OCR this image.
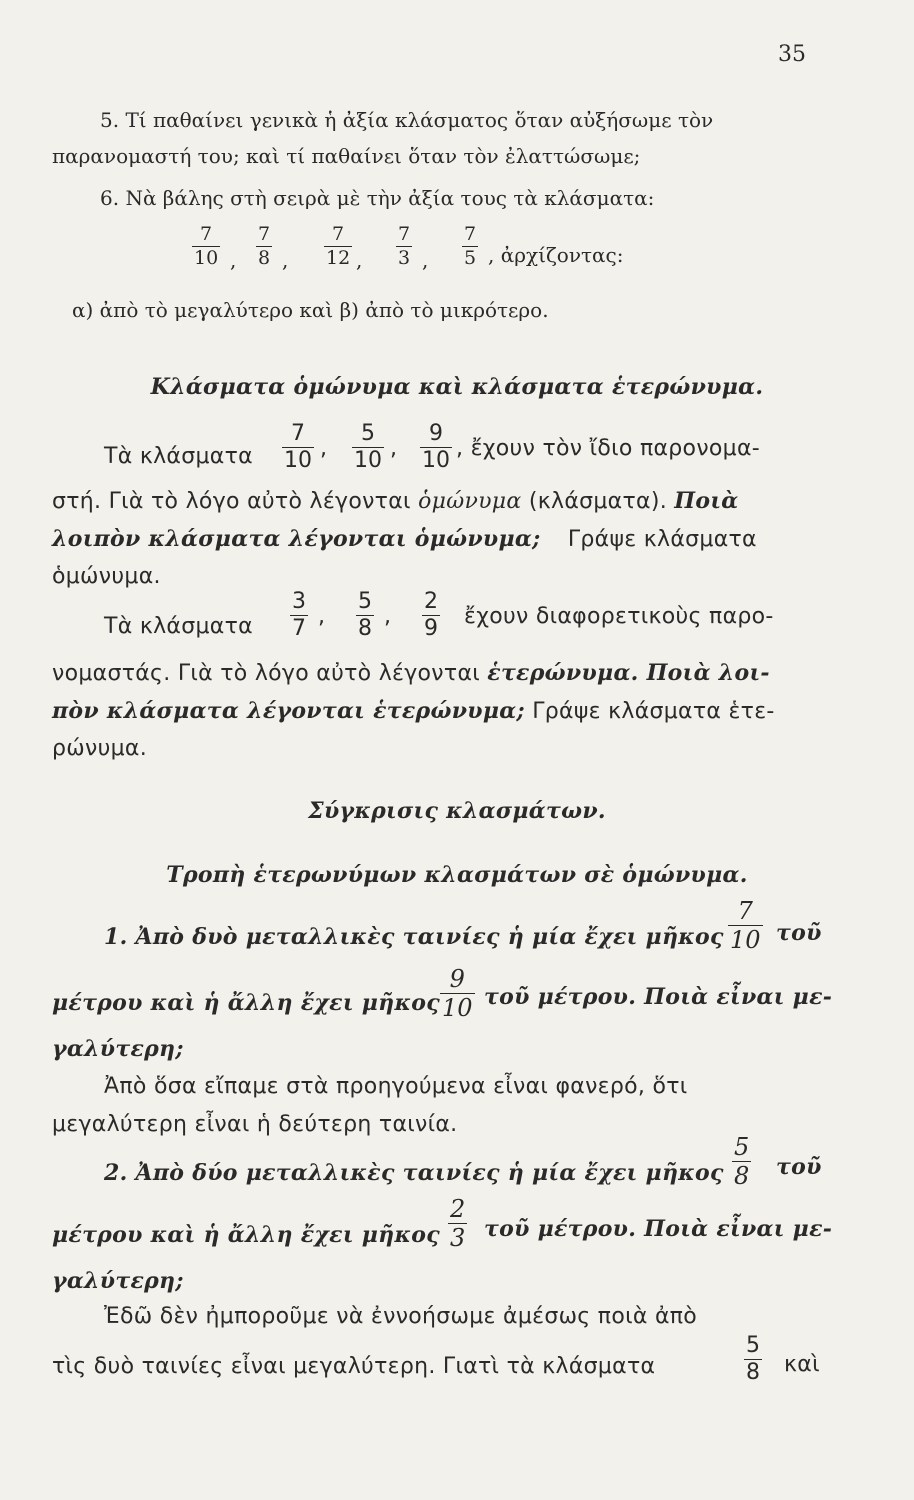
35
5. Τί παθαίνει γενικὰ ἡ ἀξία κλάσματος ὅταν αὐξήσωμε τὸν
παρανομαστή του; καὶ τί παθαίνει ὅταν τὸν ἐλαττώσωμε;
6. Νὰ βάλης στὴ σειρὰ μὲ τὴν ἀξία τους τὰ κλάσματα:
7
10 ,
7
8 ,
7
12 ,
7
3 ,
7
5 , ἀρχίζοντας:
α) ἀπὸ τὸ μεγαλύτερο καὶ β) ἀπὸ τὸ μικρότερο.
Κλάσματα ὁμώνυμα καὶ κλάσματα ἑτερώνυμα.
Τὰ κλάσματα
7
10 ,
5
10 ,
9
10 , ἔχουν τὸν ἴδιο παρονομα-
στή. Γιὰ τὸ λόγο αὐτὸ λέγονται ὁμώνυμα (κλάσματα). Ποιὰ
λοιπὸν κλάσματα λέγονται ὁμώνυμα; Γράψε κλάσματα
ὁμώνυμα.
Τὰ κλάσματα
3
7 ,
5
8 ,
2
9 ἔχουν διαφορετικοὺς παρο-
νομαστάς. Γιὰ τὸ λόγο αὐτὸ λέγονται ἑτερώνυμα. Ποιὰ λοι-
πὸν κλάσματα λέγονται ἑτερώνυμα; Γράψε κλάσματα ἑτε-
ρώνυμα.
Σύγκρισις κλασμάτων.
Τροπὴ ἑτερωνύμων κλασμάτων σὲ ὁμώνυμα.
1. Ἀπὸ δυὸ μεταλλικὲς ταινίες ἡ μία ἔχει μῆκος
7
10 τοῦ
μέτρου καὶ ἡ ἄλλη ἔχει μῆκος
9
10 τοῦ μέτρου. Ποιὰ εἶναι με-
γαλύτερη;
Ἀπὸ ὅσα εἴπαμε στὰ προηγούμενα εἶναι φανερό, ὅτι
μεγαλύτερη εἶναι ἡ δεύτερη ταινία.
2. Ἀπὸ δύο μεταλλικὲς ταινίες ἡ μία ἔχει μῆκος
5
8 τοῦ
μέτρου καὶ ἡ ἄλλη ἔχει μῆκος
2
3 τοῦ μέτρου. Ποιὰ εἶναι με-
γαλύτερη;
Ἐδῶ δὲν ἠμποροῦμε νὰ ἐννοήσωμε ἀμέσως ποιὰ ἀπὸ
τὶς δυὸ ταινίες εἶναι μεγαλύτερη. Γιατὶ τὰ κλάσματα
5
8 καὶ
